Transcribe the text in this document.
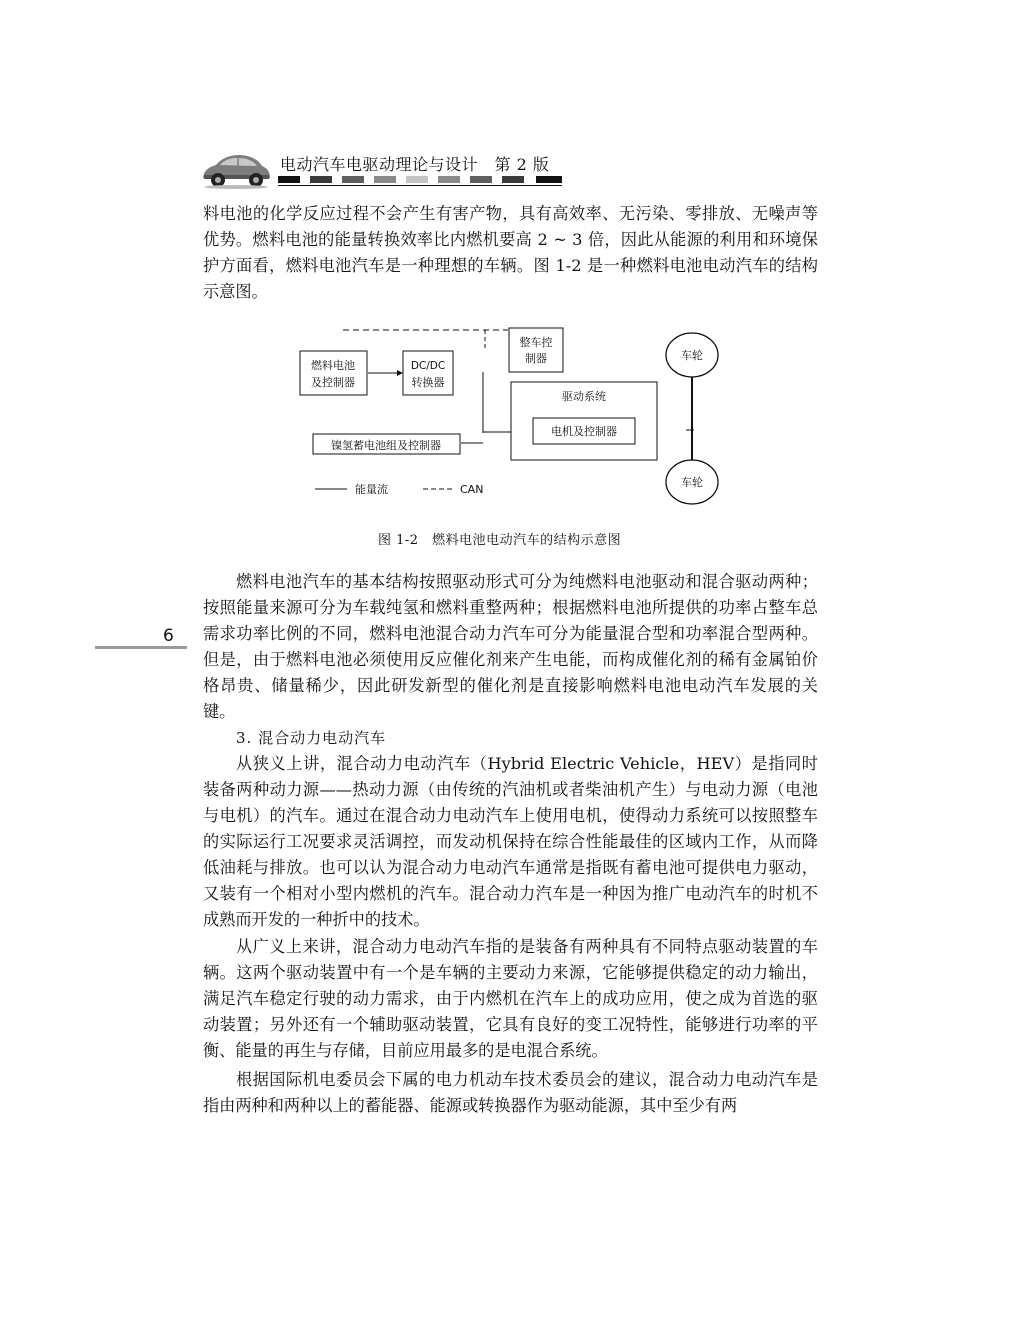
电动汽车电驱动理论与设计　第 2 版

料电池的化学反应过程不会产生有害产物，具有高效率、无污染、零排放、无噪声等优势。燃料电池的能量转换效率比内燃机要高 2 ~ 3 倍，因此从能源的利用和环境保护方面看，燃料电池汽车是一种理想的车辆。图 1-2 是一种燃料电池电动汽车的结构示意图。

燃料电池
及控制器
DC/DC
转换器
整车控
制器
驱动系统
电机及控制器
镍氢蓄电池组及控制器
车轮
车轮
能量流	CAN
图 1-2　燃料电池电动汽车的结构示意图
6

燃料电池汽车的基本结构按照驱动形式可分为纯燃料电池驱动和混合驱动两种；按照能量来源可分为车载纯氢和燃料重整两种；根据燃料电池所提供的功率占整车总需求功率比例的不同，燃料电池混合动力汽车可分为能量混合型和功率混合型两种。但是，由于燃料电池必须使用反应催化剂来产生电能，而构成催化剂的稀有金属铂价格昂贵、储量稀少，因此研发新型的催化剂是直接影响燃料电池电动汽车发展的关键。

3. 混合动力电动汽车

从狭义上讲，混合动力电动汽车（Hybrid Electric Vehicle，HEV）是指同时装备两种动力源——热动力源（由传统的汽油机或者柴油机产生）与电动力源（电池与电机）的汽车。通过在混合动力电动汽车上使用电机，使得动力系统可以按照整车的实际运行工况要求灵活调控，而发动机保持在综合性能最佳的区域内工作，从而降低油耗与排放。也可以认为混合动力电动汽车通常是指既有蓄电池可提供电力驱动，又装有一个相对小型内燃机的汽车。混合动力汽车是一种因为推广电动汽车的时机不成熟而开发的一种折中的技术。

从广义上来讲，混合动力电动汽车指的是装备有两种具有不同特点驱动装置的车辆。这两个驱动装置中有一个是车辆的主要动力来源，它能够提供稳定的动力输出，满足汽车稳定行驶的动力需求，由于内燃机在汽车上的成功应用，使之成为首选的驱动装置；另外还有一个辅助驱动装置，它具有良好的变工况特性，能够进行功率的平衡、能量的再生与存储，目前应用最多的是电混合系统。

根据国际机电委员会下属的电力机动车技术委员会的建议，混合动力电动汽车是指由两种和两种以上的蓄能器、能源或转换器作为驱动能源，其中至少有两
